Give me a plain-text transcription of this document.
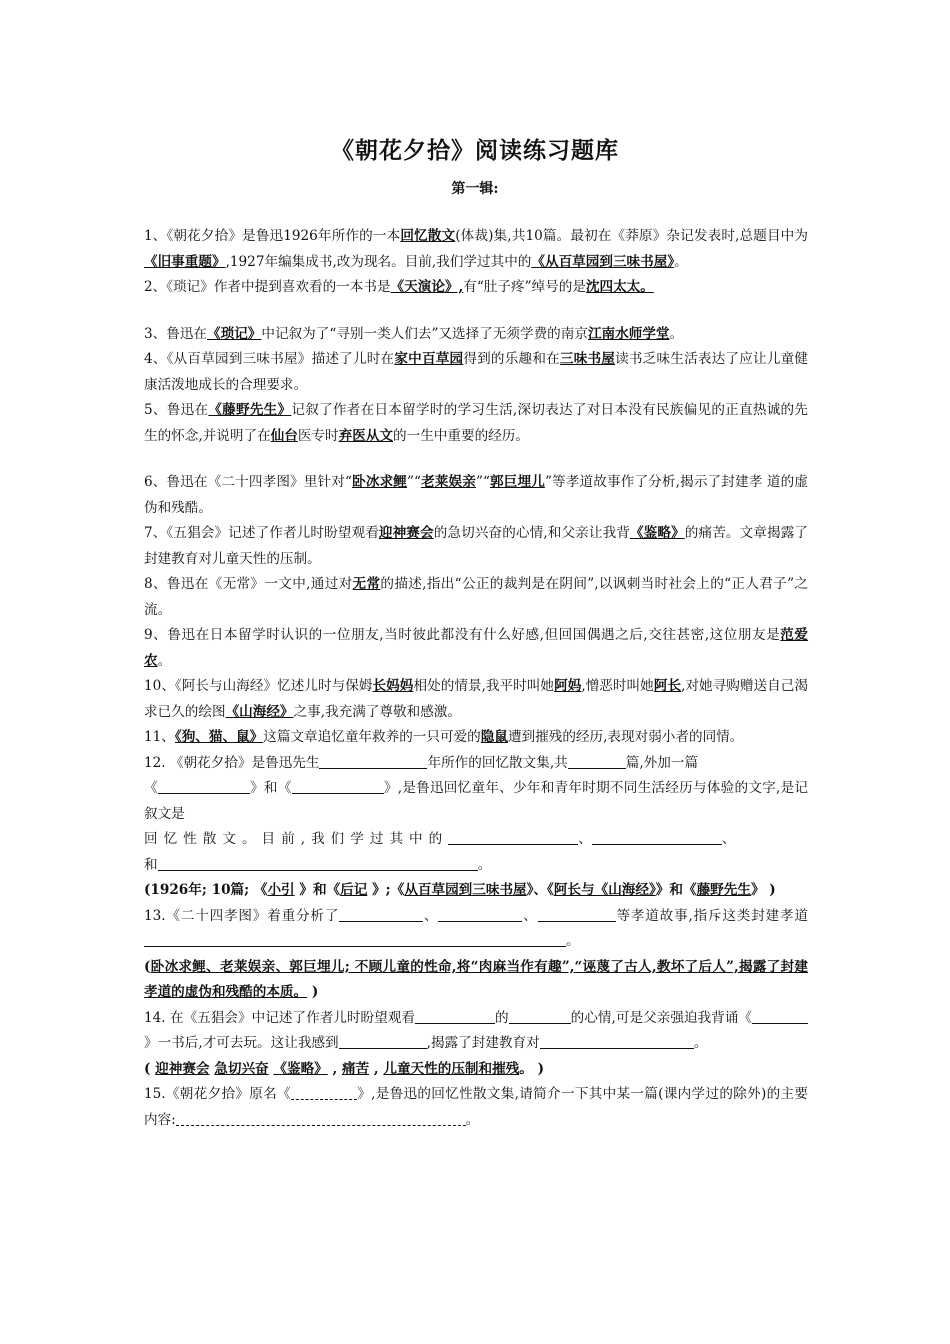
《朝花夕拾》阅读练习题库
第一辑:

1、《朝花夕拾》是鲁迅1926年所作的一本回忆散文(体裁)集,共10篇。最初在《莽原》杂记发表时,总题目中为《旧事重题》,1927年编集成书,改为现名。目前,我们学过其中的《从百草园到三味书屋》。

2、《琐记》作者中提到喜欢看的一本书是《天演论》,有“肚子疼”绰号的是沈四太太。

3、鲁迅在《琐记》中记叙为了“寻别一类人们去”又选择了无须学费的南京江南水师学堂。

4、《从百草园到三味书屋》描述了儿时在家中百草园得到的乐趣和在三味书屋读书乏味生活表达了应让儿童健康活泼地成长的合理要求。

5、鲁迅在《藤野先生》记叙了作者在日本留学时的学习生活,深切表达了对日本没有民族偏见的正直热诚的先生的怀念,并说明了在仙台医专时弃医从文的一生中重要的经历。

6、鲁迅在《二十四孝图》里针对“卧冰求鲤”“老莱娱亲”“郭巨埋儿”等孝道故事作了分析,揭示了封建孝 道的虚伪和残酷。

7、《五猖会》记述了作者儿时盼望观看迎神赛会的急切兴奋的心情,和父亲让我背《鉴略》的痛苦。文章揭露了封建教育对儿童天性的压制。

8、鲁迅在《无常》一文中,通过对无常的描述,指出“公正的裁判是在阴间”,以讽刺当时社会上的“正人君子”之流。

9、鲁迅在日本留学时认识的一位朋友,当时彼此都没有什么好感,但回国偶遇之后,交往甚密,这位朋友是范爱农。

10、《阿长与山海经》忆述儿时与保姆长妈妈相处的情景,我平时叫她阿妈,憎恶时叫她阿长,对她寻购赠送自己渴求已久的绘图《山海经》之事,我充满了尊敬和感激。

11、《狗、猫、鼠》这篇文章追忆童年救养的一只可爱的隐鼠遭到摧残的经历,表现对弱小者的同情。

12. 《朝花夕拾》是鲁迅先生	年所作的回忆散文集,共	篇,外加一篇
《	》和《	》,是鲁迅回忆童年、少年和青年时期不同生活经历与体验的文字,是记叙文是
回忆性散文。目前,我们学过其中的	、	、
和	。

(1926年; 10篇; 《小引 》和《后记 》;《从百草园到三味书屋》、《阿长与《山海经》》和《藤野先生》 )

13.《二十四孝图》着重分析了	、	、	等孝道故事,指斥这类封建孝道。

(卧冰求鲤、老莱娱亲、郭巨埋儿; 不顾儿童的性命,将“肉麻当作有趣”,“诬蔑了古人,教坏了后人”,揭露了封建孝道的虚伪和残酷的本质。 )

14. 在《五猖会》中记述了作者儿时盼望观看	的	的心情,可是父亲强迫我背诵《》一书后,才可去玩。这让我感到	,揭露了封建教育对	。

( 迎神赛会 急切兴奋 《鉴略》 , 痛苦 , 儿童天性的压制和摧残。 )

15.《朝花夕拾》原名《	》,是鲁迅的回忆性散文集,请简介一下其中某一篇(课内学过的除外)的主要内容:	。
